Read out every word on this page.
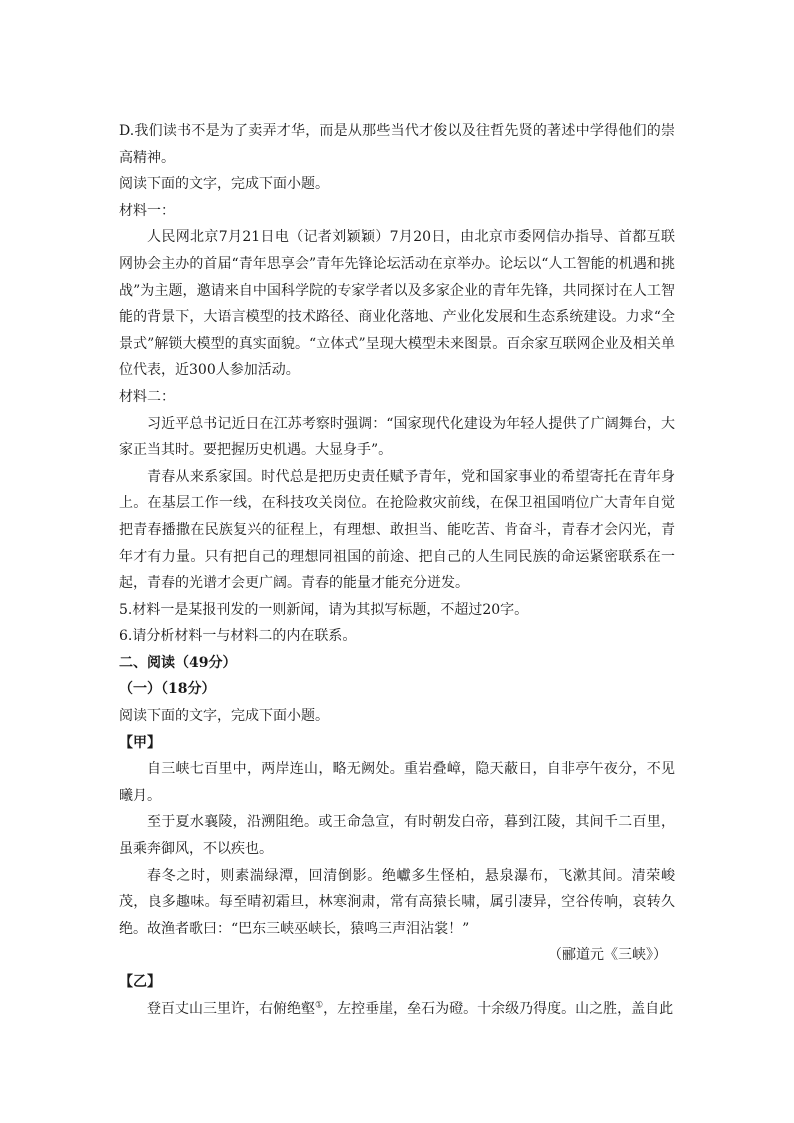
D.我们读书不是为了卖弄才华，而是从那些当代才俊以及往哲先贤的著述中学得他们的崇高精神。

阅读下面的文字，完成下面小题。

材料一：

人民网北京7月21日电（记者刘颖颖）7月20日，由北京市委网信办指导、首都互联网协会主办的首届“青年思享会”青年先锋论坛活动在京举办。论坛以“人工智能的机遇和挑战”为主题，邀请来自中国科学院的专家学者以及多家企业的青年先锋，共同探讨在人工智能的背景下，大语言模型的技术路径、商业化落地、产业化发展和生态系统建设。力求“全景式”解锁大模型的真实面貌。“立体式”呈现大模型未来图景。百余家互联网企业及相关单位代表，近300人参加活动。

材料二：

习近平总书记近日在江苏考察时强调：“国家现代化建设为年轻人提供了广阔舞台，大家正当其时。要把握历史机遇。大显身手”。

青春从来系家国。时代总是把历史责任赋予青年，党和国家事业的希望寄托在青年身上。在基层工作一线，在科技攻关岗位。在抢险救灾前线，在保卫祖国哨位广大青年自觉把青春播撒在民族复兴的征程上，有理想、敢担当、能吃苦、肯奋斗，青春才会闪光，青年才有力量。只有把自己的理想同祖国的前途、把自己的人生同民族的命运紧密联系在一起，青春的光谱才会更广阔。青春的能量才能充分迸发。

5.材料一是某报刊发的一则新闻，请为其拟写标题，不超过20字。

6.请分析材料一与材料二的内在联系。

二、阅读（49分）

（一）（18分）

阅读下面的文字，完成下面小题。

【甲】

自三峡七百里中，两岸连山，略无阙处。重岩叠嶂，隐天蔽日，自非亭午夜分，不见曦月。

至于夏水襄陵，沿溯阻绝。或王命急宣，有时朝发白帝，暮到江陵，其间千二百里，虽乘奔御风，不以疾也。

春冬之时，则素湍绿潭，回清倒影。绝巘多生怪柏，悬泉瀑布，飞漱其间。清荣峻茂，良多趣味。每至晴初霜旦，林寒涧肃，常有高猿长啸，属引凄异，空谷传响，哀转久绝。故渔者歌曰：“巴东三峡巫峡长，猿鸣三声泪沾裳！”

（郦道元《三峡》）

【乙】

登百丈山三里许，右俯绝壑①，左控垂崖，垒石为磴。十余级乃得度。山之胜，盖自此
